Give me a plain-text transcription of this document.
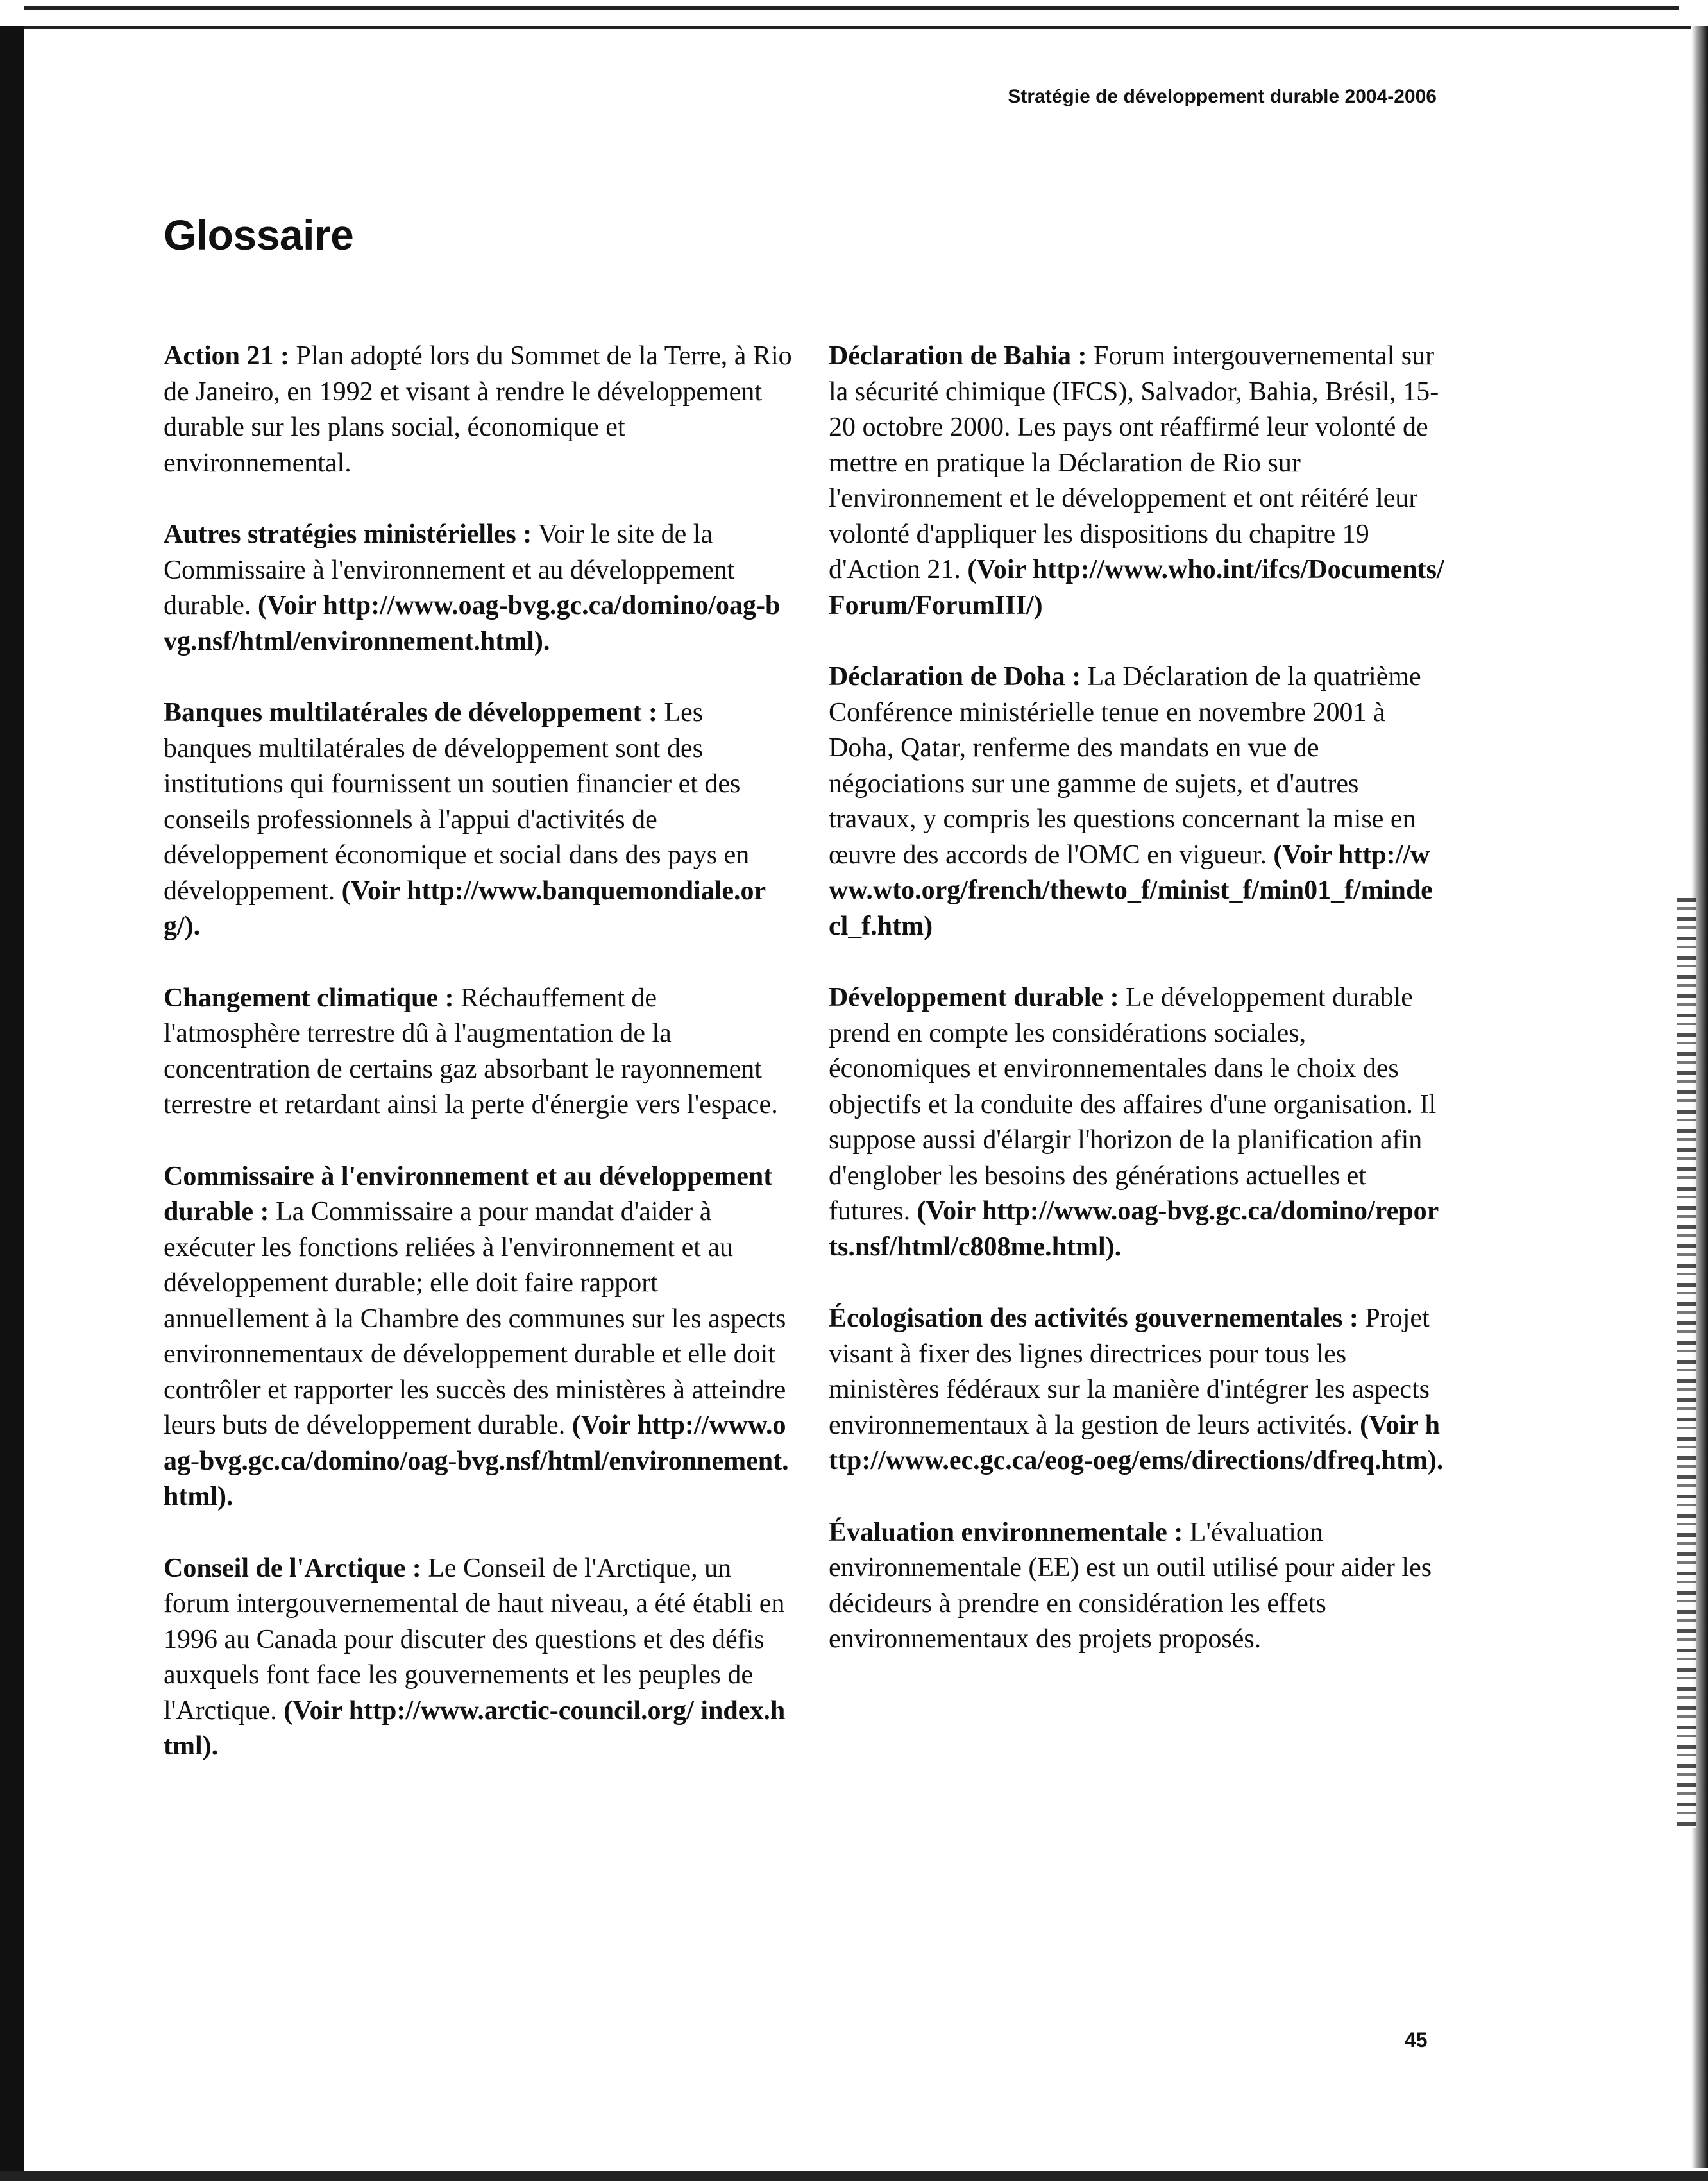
Stratégie de développement durable 2004-2006
Glossaire

Action 21 : Plan adopté lors du Sommet de la Terre, à Rio de Janeiro, en 1992 et visant à rendre le développement durable sur les plans social, économique et environnemental.

Autres stratégies ministérielles : Voir le site de la Commissaire à l'environnement et au développement durable. (Voir http://www.oag-bvg.gc.ca/domino/oag-bvg.nsf/html/environnement.html).

Banques multilatérales de développement : Les banques multilatérales de développement sont des institutions qui fournissent un soutien financier et des conseils professionnels à l'appui d'activités de développement économique et social dans des pays en développement. (Voir http://www.banquemondiale.org/).

Changement climatique : Réchauffement de l'atmosphère terrestre dû à l'augmentation de la concentration de certains gaz absorbant le rayonnement terrestre et retardant ainsi la perte d'énergie vers l'espace.

Commissaire à l'environnement et au développement durable : La Commissaire a pour mandat d'aider à exécuter les fonctions reliées à l'environnement et au développement durable; elle doit faire rapport annuellement à la Chambre des communes sur les aspects environnementaux de développement durable et elle doit contrôler et rapporter les succès des ministères à atteindre leurs buts de développement durable. (Voir http://www.oag-bvg.gc.ca/domino/oag-bvg.nsf/html/environnement.html).

Conseil de l'Arctique : Le Conseil de l'Arctique, un forum intergouvernemental de haut niveau, a été établi en 1996 au Canada pour discuter des questions et des défis auxquels font face les gouvernements et les peuples de l'Arctique. (Voir http://www.arctic-council.org/ index.html).

Déclaration de Bahia : Forum intergouvernemental sur la sécurité chimique (IFCS), Salvador, Bahia, Brésil, 15-20 octobre 2000. Les pays ont réaffirmé leur volonté de mettre en pratique la Déclaration de Rio sur l'environnement et le développement et ont réitéré leur volonté d'appliquer les dispositions du chapitre 19 d'Action 21. (Voir http://www.who.int/ifcs/Documents/Forum/ForumIII/)

Déclaration de Doha : La Déclaration de la quatrième Conférence ministérielle tenue en novembre 2001 à Doha, Qatar, renferme des mandats en vue de négociations sur une gamme de sujets, et d'autres travaux, y compris les questions concernant la mise en œuvre des accords de l'OMC en vigueur. (Voir http://www.wto.org/french/thewto_f/minist_f/min01_f/mindecl_f.htm)

Développement durable : Le développement durable prend en compte les considérations sociales, économiques et environnementales dans le choix des objectifs et la conduite des affaires d'une organisation. Il suppose aussi d'élargir l'horizon de la planification afin d'englober les besoins des générations actuelles et futures. (Voir http://www.oag-bvg.gc.ca/domino/reports.nsf/html/c808me.html).

Écologisation des activités gouvernementales : Projet visant à fixer des lignes directrices pour tous les ministères fédéraux sur la manière d'intégrer les aspects environnementaux à la gestion de leurs activités. (Voir http://www.ec.gc.ca/eog-oeg/ems/directions/dfreq.htm).

Évaluation environnementale : L'évaluation environnementale (EE) est un outil utilisé pour aider les décideurs à prendre en considération les effets environnementaux des projets proposés.

45
